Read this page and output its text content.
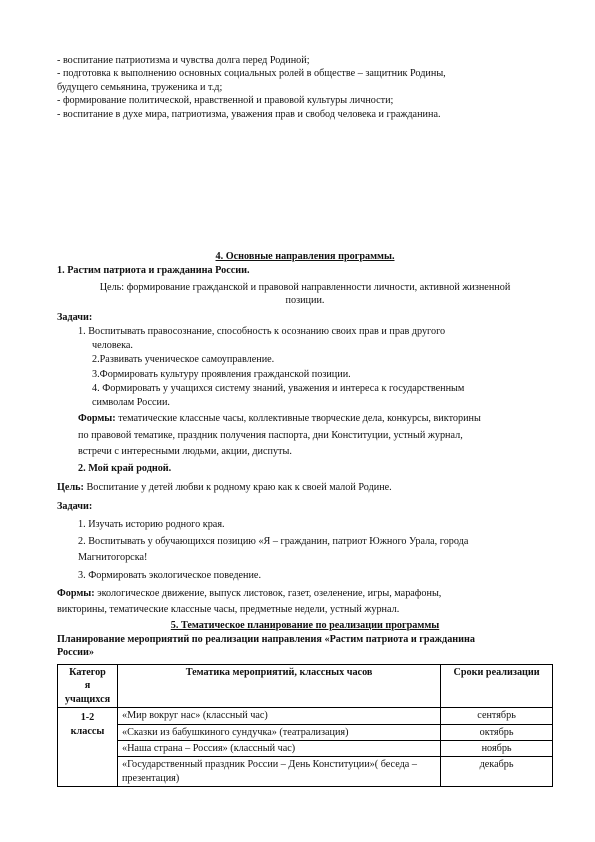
- воспитание патриотизма и чувства долга перед Родиной;
- подготовка к выполнению основных социальных ролей в обществе – защитник Родины,
будущего семьянина, труженика и т.д;
- формирование политической, нравственной и правовой культуры личности;
- воспитание в духе мира, патриотизма, уважения прав и свобод человека и гражданина.
4. Основные направления программы.
1. Растим патриота и гражданина России.
Цель: формирование гражданской и правовой направленности личности, активной жизненной
позиции.
Задачи:
1. Воспитывать правосознание, способность к осознанию своих прав и прав другого
человека.
2.Развивать ученическое самоуправление.
3.Формировать культуру проявления гражданской позиции.
4. Формировать у учащихся систему знаний, уважения и интереса к государственным
символам России.
Формы: тематические классные часы, коллективные творческие дела, конкурсы, викторины
по правовой тематике, праздник получения паспорта, дни Конституции, устный журнал,
встречи с интересными людьми, акции, диспуты.
2. Мой край родной.
Цель: Воспитание у детей любви к родному краю как к своей малой Родине.
Задачи:
1. Изучать историю родного края.
2. Воспитывать у обучающихся позицию «Я – гражданин, патриот Южного Урала, города
Магнитогорска!
3. Формировать экологическое поведение.
Формы: экологическое движение, выпуск листовок, газет, озеленение, игры, марафоны,
викторины, тематические классные часы, предметные недели, устный журнал.
5. Тематическое планирование по реализации программы
Планирование мероприятий по реализации направления «Растим патриота и гражданина
России»
Категор
я
учащихся	Тематика мероприятий, классных часов	Сроки реализации
1-2
классы	«Мир вокруг нас» (классный час)	сентябрь
	«Сказки из бабушкиного сундучка» (театрализация)	октябрь
	«Наша страна – Россия» (классный час)	ноябрь
	«Государственный праздник России – День Конституции»( беседа – презентация)	декабрь
